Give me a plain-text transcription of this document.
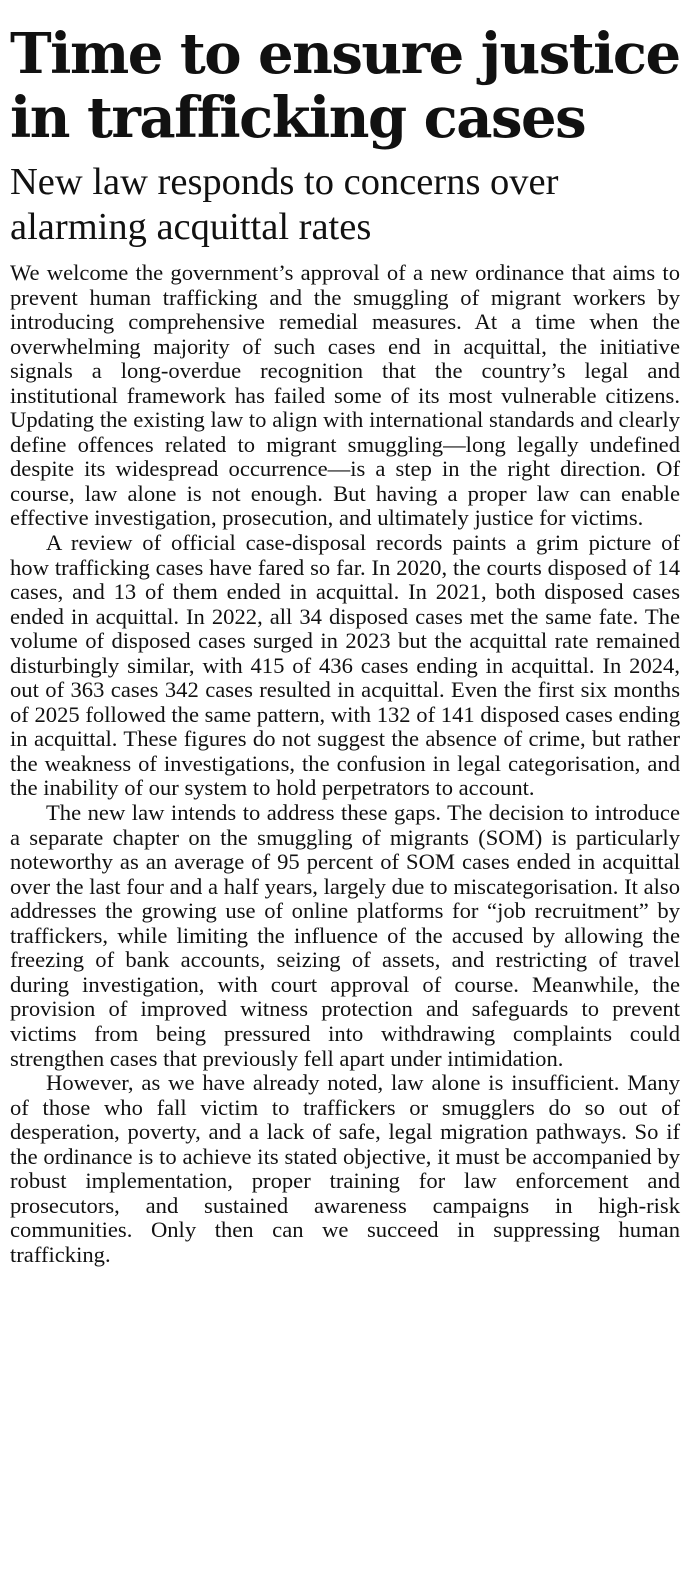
Time to ensure justice in trafficking cases
New law responds to concerns over alarming acquittal rates

We welcome the government’s approval of a new ordinance that aims to prevent human trafficking and the smuggling of migrant workers by introducing comprehensive remedial measures. At a time when the overwhelming majority of such cases end in acquittal, the initiative signals a long-overdue recognition that the country’s legal and institutional framework has failed some of its most vulnerable citizens. Updating the existing law to align with international standards and clearly define offences related to migrant smuggling—long legally undefined despite its widespread occurrence—is a step in the right direction. Of course, law alone is not enough. But having a proper law can enable effective investigation, prosecution, and ultimately justice for victims.

A review of official case-disposal records paints a grim picture of how trafficking cases have fared so far. In 2020, the courts disposed of 14 cases, and 13 of them ended in acquittal. In 2021, both disposed cases ended in acquittal. In 2022, all 34 disposed cases met the same fate. The volume of disposed cases surged in 2023 but the acquittal rate remained disturbingly similar, with 415 of 436 cases ending in acquittal. In 2024, out of 363 cases 342 cases resulted in acquittal. Even the first six months of 2025 followed the same pattern, with 132 of 141 disposed cases ending in acquittal. These figures do not suggest the absence of crime, but rather the weakness of investigations, the confusion in legal categorisation, and the inability of our system to hold perpetrators to account.

The new law intends to address these gaps. The decision to introduce a separate chapter on the smuggling of migrants (SOM) is particularly noteworthy as an average of 95 percent of SOM cases ended in acquittal over the last four and a half years, largely due to miscategorisation. It also addresses the growing use of online platforms for “job recruitment” by traffickers, while limiting the influence of the accused by allowing the freezing of bank accounts, seizing of assets, and restricting of travel during investigation, with court approval of course. Meanwhile, the provision of improved witness protection and safeguards to prevent victims from being pressured into withdrawing complaints could strengthen cases that previously fell apart under intimidation.

However, as we have already noted, law alone is insufficient. Many of those who fall victim to traffickers or smugglers do so out of desperation, poverty, and a lack of safe, legal migration pathways. So if the ordinance is to achieve its stated objective, it must be accompanied by robust implementation, proper training for law enforcement and prosecutors, and sustained awareness campaigns in high-risk communities. Only then can we succeed in suppressing human trafficking.
